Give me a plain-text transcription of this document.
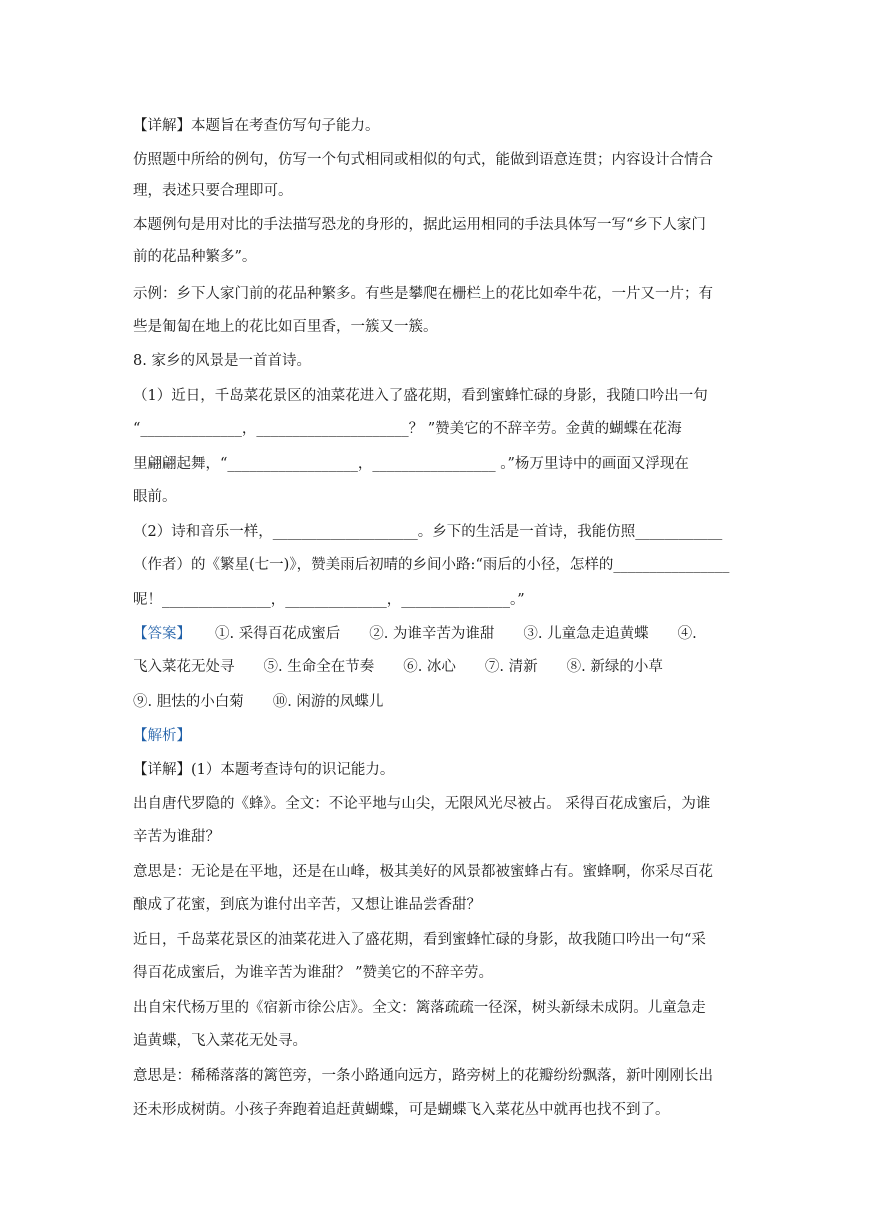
【详解】本题旨在考查仿写句子能力。
仿照题中所给的例句，仿写一个句式相同或相似的句式，能做到语意连贯；内容设计合情合
理，表述只要合理即可。
本题例句是用对比的手法描写恐龙的身形的，据此运用相同的手法具体写一写“乡下人家门
前的花品种繁多”。
示例：乡下人家门前的花品种繁多。有些是攀爬在栅栏上的花比如牵牛花，一片又一片；有
些是匍匐在地上的花比如百里香，一簇又一簇。
8. 家乡的风景是一首首诗。
（1）近日，千岛菜花景区的油菜花进入了盛花期，看到蜜蜂忙碌的身影，我随口吟出一句
“______________，_____________________？ ”赞美它的不辞辛劳。金黄的蝴蝶在花海
里翩翩起舞，“__________________，_________________ 。”杨万里诗中的画面又浮现在
眼前。
（2）诗和音乐一样，____________________。乡下的生活是一首诗，我能仿照____________
（作者）的《繁星(七一)》，赞美雨后初晴的乡间小路:“雨后的小径，怎样的________________
呢！_______________，______________，_______________。”
【答案】	①. 采得百花成蜜后　　②. 为谁辛苦为谁甜　　③. 儿童急走追黄蝶　　④.
飞入菜花无处寻　　⑤. 生命全在节奏　　⑥. 冰心　　⑦. 清新　　⑧. 新绿的小草
⑨. 胆怯的小白菊　　⑩. 闲游的凤蝶儿
【解析】
【详解】(1）本题考查诗句的识记能力。
出自唐代罗隐的《蜂》。全文：不论平地与山尖，无限风光尽被占。 采得百花成蜜后，为谁
辛苦为谁甜？
意思是：无论是在平地，还是在山峰，极其美好的风景都被蜜蜂占有。蜜蜂啊，你采尽百花
酿成了花蜜，到底为谁付出辛苦，又想让谁品尝香甜？
近日，千岛菜花景区的油菜花进入了盛花期，看到蜜蜂忙碌的身影，故我随口吟出一句“采
得百花成蜜后，为谁辛苦为谁甜？ ”赞美它的不辞辛劳。
出自宋代杨万里的《宿新市徐公店》。全文：篱落疏疏一径深，树头新绿未成阴。儿童急走
追黄蝶，飞入菜花无处寻。
意思是：稀稀落落的篱笆旁，一条小路通向远方，路旁树上的花瓣纷纷飘落，新叶刚刚长出
还未形成树荫。小孩子奔跑着追赶黄蝴蝶，可是蝴蝶飞入菜花丛中就再也找不到了。
